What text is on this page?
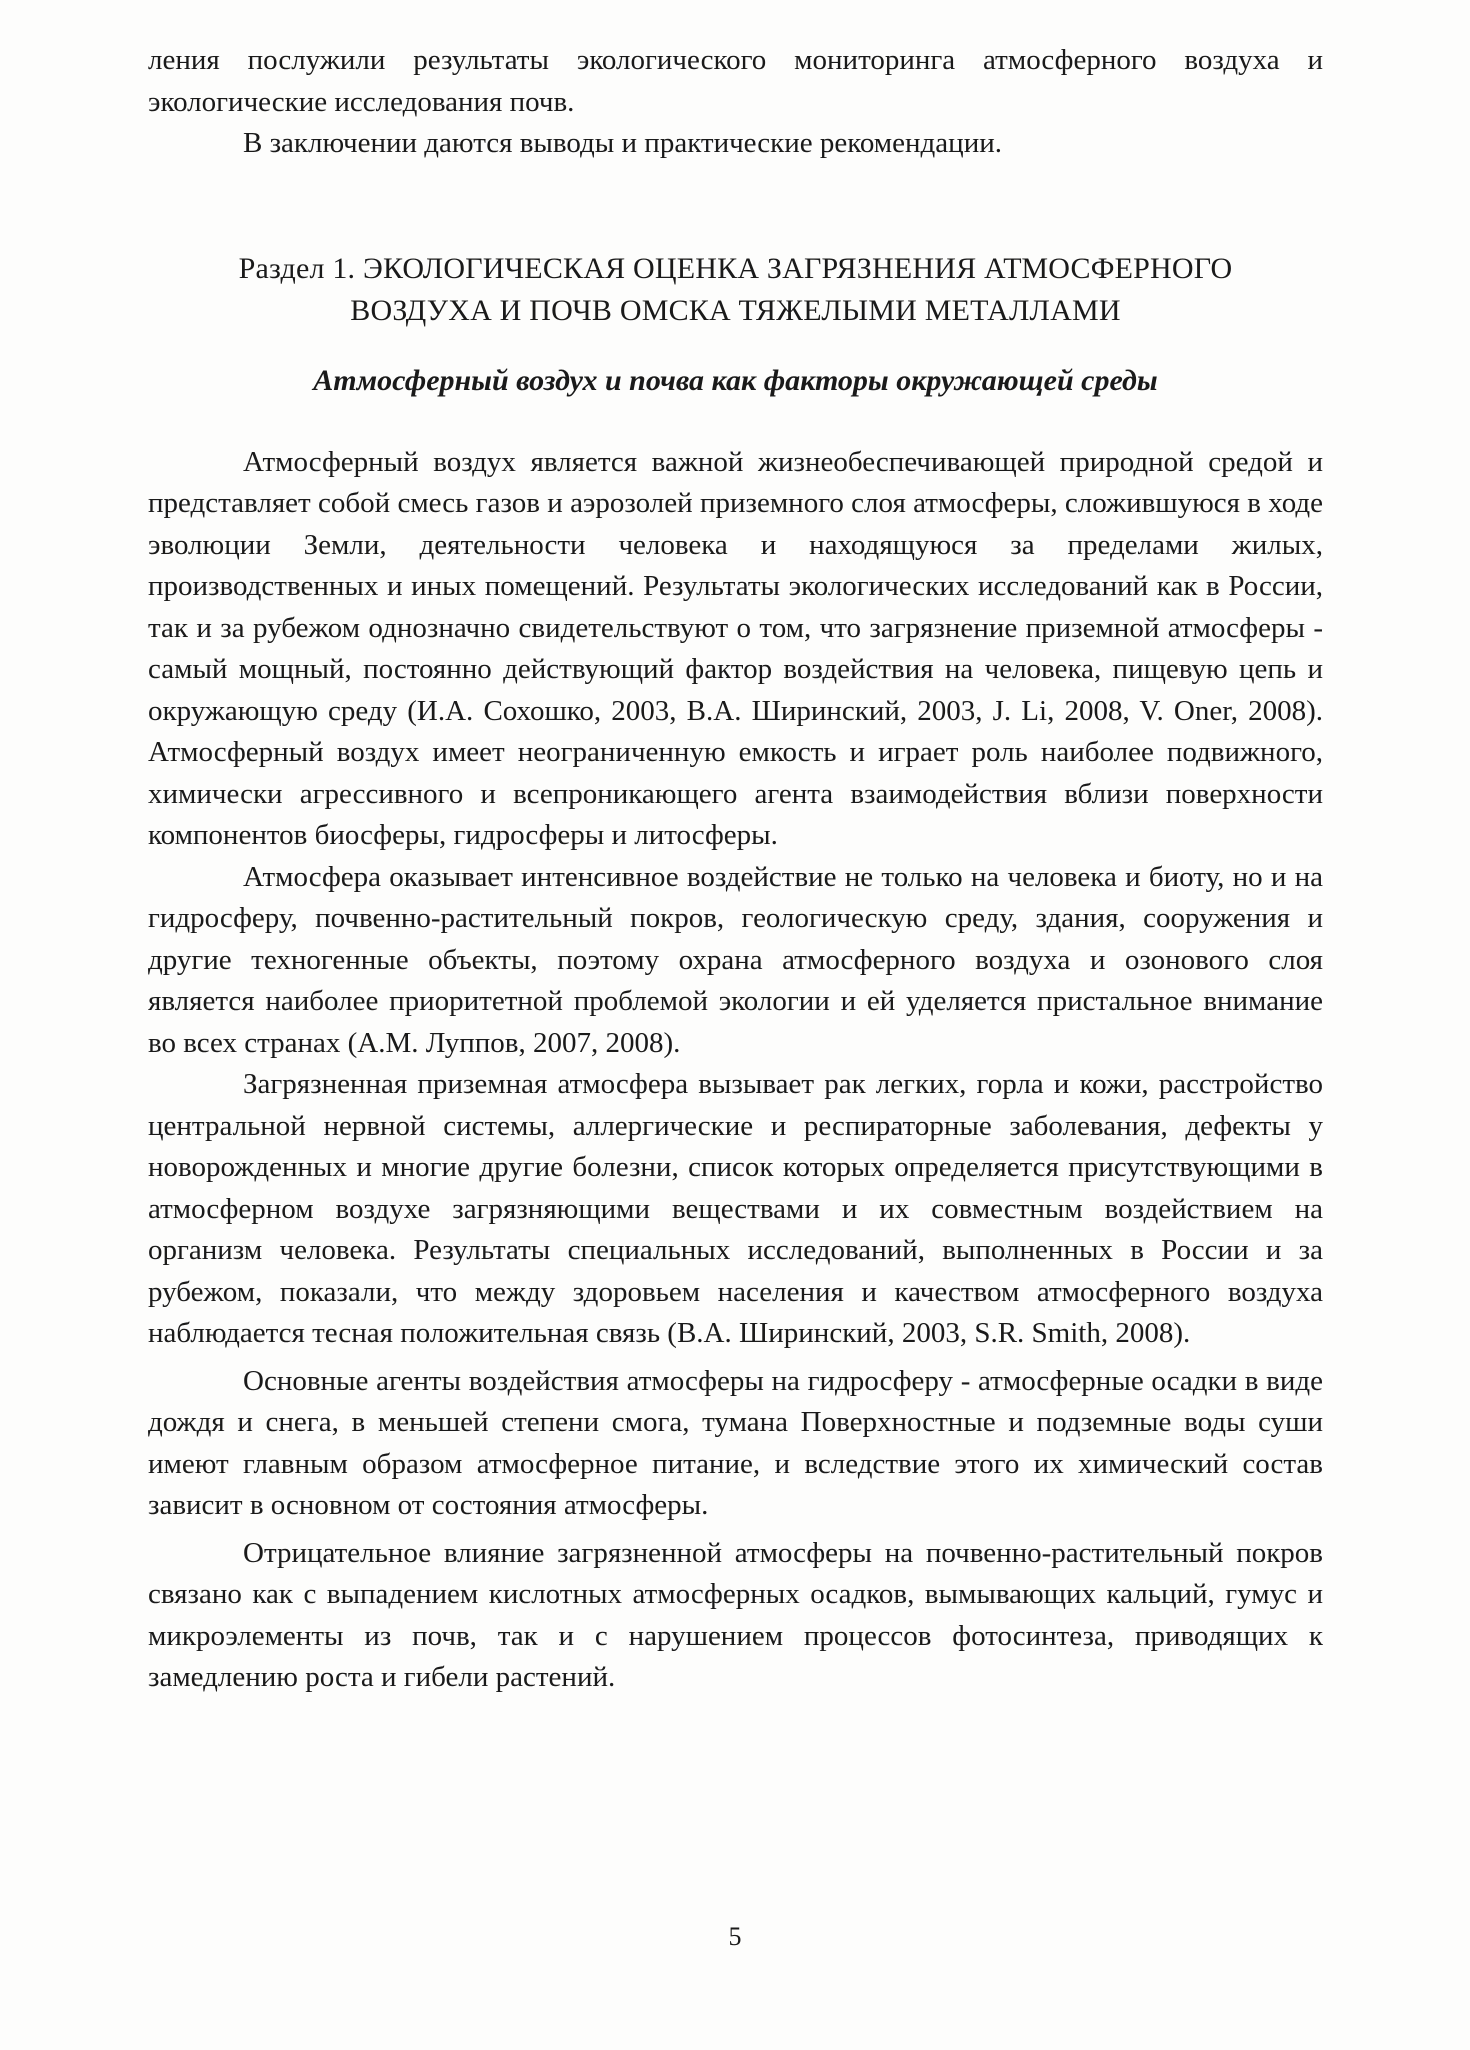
ления послужили результаты экологического мониторинга атмосферного воздуха и экологические исследования почв.

В заключении даются выводы и практические рекомендации.

Раздел 1. ЭКОЛОГИЧЕСКАЯ ОЦЕНКА ЗАГРЯЗНЕНИЯ АТМОСФЕРНОГО
ВОЗДУХА И ПОЧВ ОМСКА ТЯЖЕЛЫМИ МЕТАЛЛАМИ
Атмосферный воздух и почва как факторы окружающей среды

Атмосферный воздух является важной жизнеобеспечивающей природной средой и представляет собой смесь газов и аэрозолей приземного слоя атмосферы, сложившуюся в ходе эволюции Земли, деятельности человека и находящуюся за пределами жилых, производственных и иных помещений. Результаты экологических исследований как в России, так и за рубежом однозначно свидетельствуют о том, что загрязнение приземной атмосферы - самый мощный, постоянно действующий фактор воздействия на человека, пищевую цепь и окружающую среду (И.А. Сохошко, 2003, В.А. Ширинский, 2003, J. Li, 2008, V. Oner, 2008). Атмосферный воздух имеет неограниченную емкость и играет роль наиболее подвижного, химически агрессивного и всепроникающего агента взаимодействия вблизи поверхности компонентов биосферы, гидросферы и литосферы.

Атмосфера оказывает интенсивное воздействие не только на человека и биоту, но и на гидросферу, почвенно-растительный покров, геологическую среду, здания, сооружения и другие техногенные объекты, поэтому охрана атмосферного воздуха и озонового слоя является наиболее приоритетной проблемой экологии и ей уделяется пристальное внимание во всех странах (А.М. Луппов, 2007, 2008).

Загрязненная приземная атмосфера вызывает рак легких, горла и кожи, расстройство центральной нервной системы, аллергические и респираторные заболевания, дефекты у новорожденных и многие другие болезни, список которых определяется присутствующими в атмосферном воздухе загрязняющими веществами и их совместным воздействием на организм человека. Результаты специальных исследований, выполненных в России и за рубежом, показали, что между здоровьем населения и качеством атмосферного воздуха наблюдается тесная положительная связь (В.А. Ширинский, 2003, S.R. Smith, 2008).

Основные агенты воздействия атмосферы на гидросферу - атмосферные осадки в виде дождя и снега, в меньшей степени смога, тумана Поверхностные и подземные воды суши имеют главным образом атмосферное питание, и вследствие этого их химический состав зависит в основном от состояния атмосферы.

Отрицательное влияние загрязненной атмосферы на почвенно-растительный покров связано как с выпадением кислотных атмосферных осадков, вымывающих кальций, гумус и микроэлементы из почв, так и с нарушением процессов фотосинтеза, приводящих к замедлению роста и гибели растений.

5
